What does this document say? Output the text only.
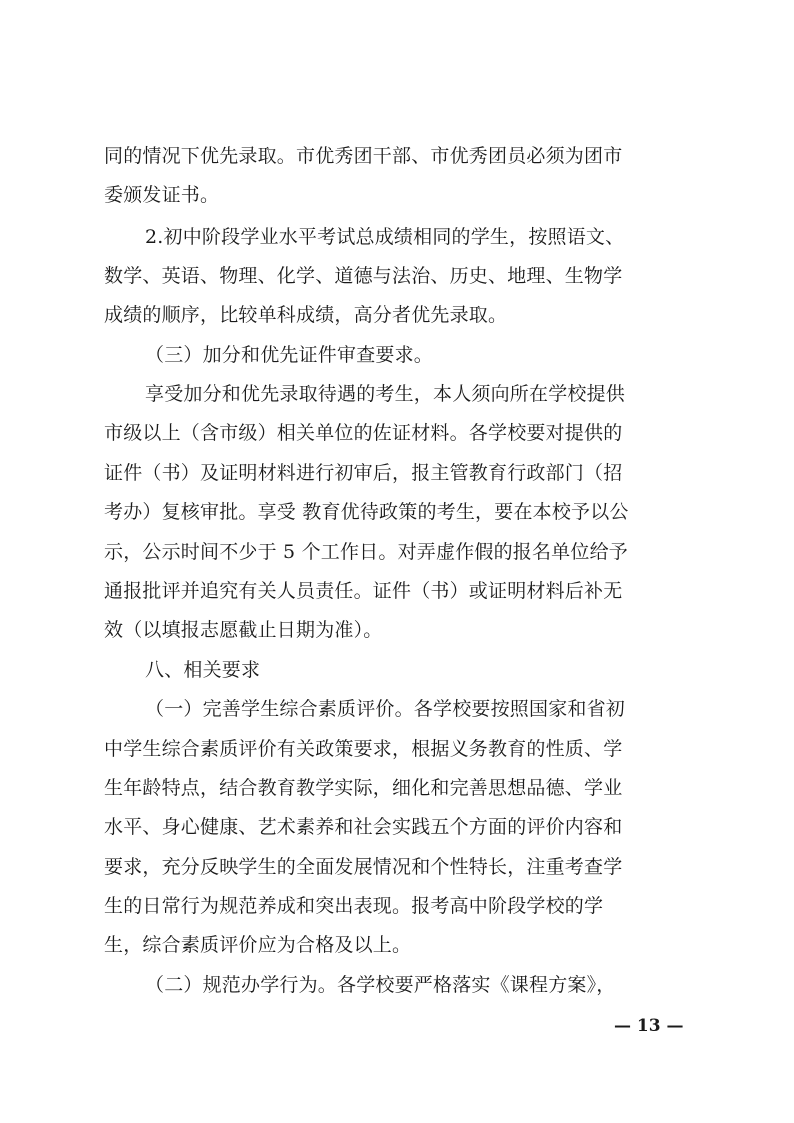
同的情况下优先录取。市优秀团干部、市优秀团员必须为团市
委颁发证书。
2.初中阶段学业水平考试总成绩相同的学生，按照语文、
数学、英语、物理、化学、道德与法治、历史、地理、生物学
成绩的顺序，比较单科成绩，高分者优先录取。
（三）加分和优先证件审查要求。
享受加分和优先录取待遇的考生，本人须向所在学校提供
市级以上（含市级）相关单位的佐证材料。各学校要对提供的
证件（书）及证明材料进行初审后，报主管教育行政部门（招
考办）复核审批。享受 教育优待政策的考生，要在本校予以公
示，公示时间不少于 5 个工作日。对弄虚作假的报名单位给予
通报批评并追究有关人员责任。证件（书）或证明材料后补无
效（以填报志愿截止日期为准）。
八、相关要求
（一）完善学生综合素质评价。各学校要按照国家和省初
中学生综合素质评价有关政策要求，根据义务教育的性质、学
生年龄特点，结合教育教学实际，细化和完善思想品德、学业
水平、身心健康、艺术素养和社会实践五个方面的评价内容和
要求，充分反映学生的全面发展情况和个性特长，注重考查学
生的日常行为规范养成和突出表现。报考高中阶段学校的学
生，综合素质评价应为合格及以上。
（二）规范办学行为。各学校要严格落实《课程方案》，
— 13 —
